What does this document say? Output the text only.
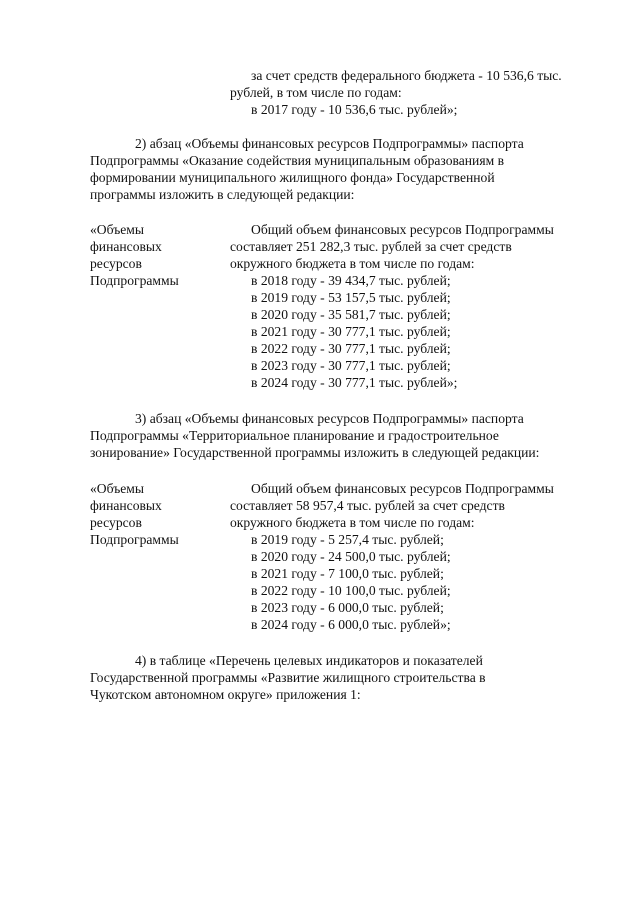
за счет средств федерального бюджета - 10 536,6 тыс.
рублей, в том числе по годам:
в 2017 году - 10 536,6 тыс. рублей»;
2) абзац «Объемы финансовых ресурсов Подпрограммы» паспорта
Подпрограммы «Оказание содействия муниципальным образованиям в
формировании муниципального жилищного фонда» Государственной
программы изложить в следующей редакции:
«Объемы
финансовых
ресурсов
Подпрограммы
Общий объем финансовых ресурсов Подпрограммы
составляет 251 282,3 тыс. рублей за счет средств
окружного бюджета в том числе по годам:
в 2018 году - 39 434,7 тыс. рублей;
в 2019 году - 53 157,5 тыс. рублей;
в 2020 году - 35 581,7 тыс. рублей;
в 2021 году - 30 777,1 тыс. рублей;
в 2022 году - 30 777,1 тыс. рублей;
в 2023 году - 30 777,1 тыс. рублей;
в 2024 году - 30 777,1 тыс. рублей»;
3) абзац «Объемы финансовых ресурсов Подпрограммы» паспорта
Подпрограммы «Территориальное планирование и градостроительное
зонирование» Государственной программы изложить в следующей редакции:
«Объемы
финансовых
ресурсов
Подпрограммы
Общий объем финансовых ресурсов Подпрограммы
составляет 58 957,4 тыс. рублей за счет средств
окружного бюджета в том числе по годам:
в 2019 году - 5 257,4 тыс. рублей;
в 2020 году - 24 500,0 тыс. рублей;
в 2021 году - 7 100,0 тыс. рублей;
в 2022 году - 10 100,0 тыс. рублей;
в 2023 году - 6 000,0 тыс. рублей;
в 2024 году - 6 000,0 тыс. рублей»;
4) в таблице «Перечень целевых индикаторов и показателей
Государственной программы «Развитие жилищного строительства в
Чукотском автономном округе» приложения 1:
